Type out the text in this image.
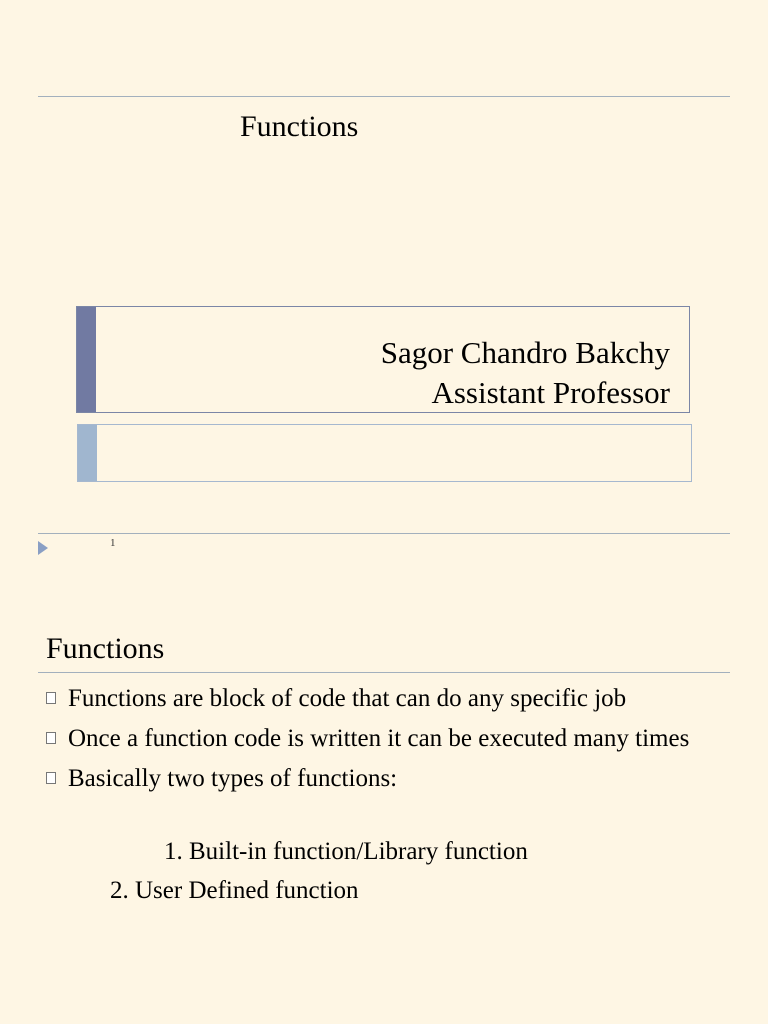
Functions
Sagor Chandro Bakchy
Assistant Professor
1
Functions
Functions are block of code that can do any specific job
Once a function code is written it can be executed many times
Basically two types of functions:
1. Built-in function/Library function
2. User Defined function
